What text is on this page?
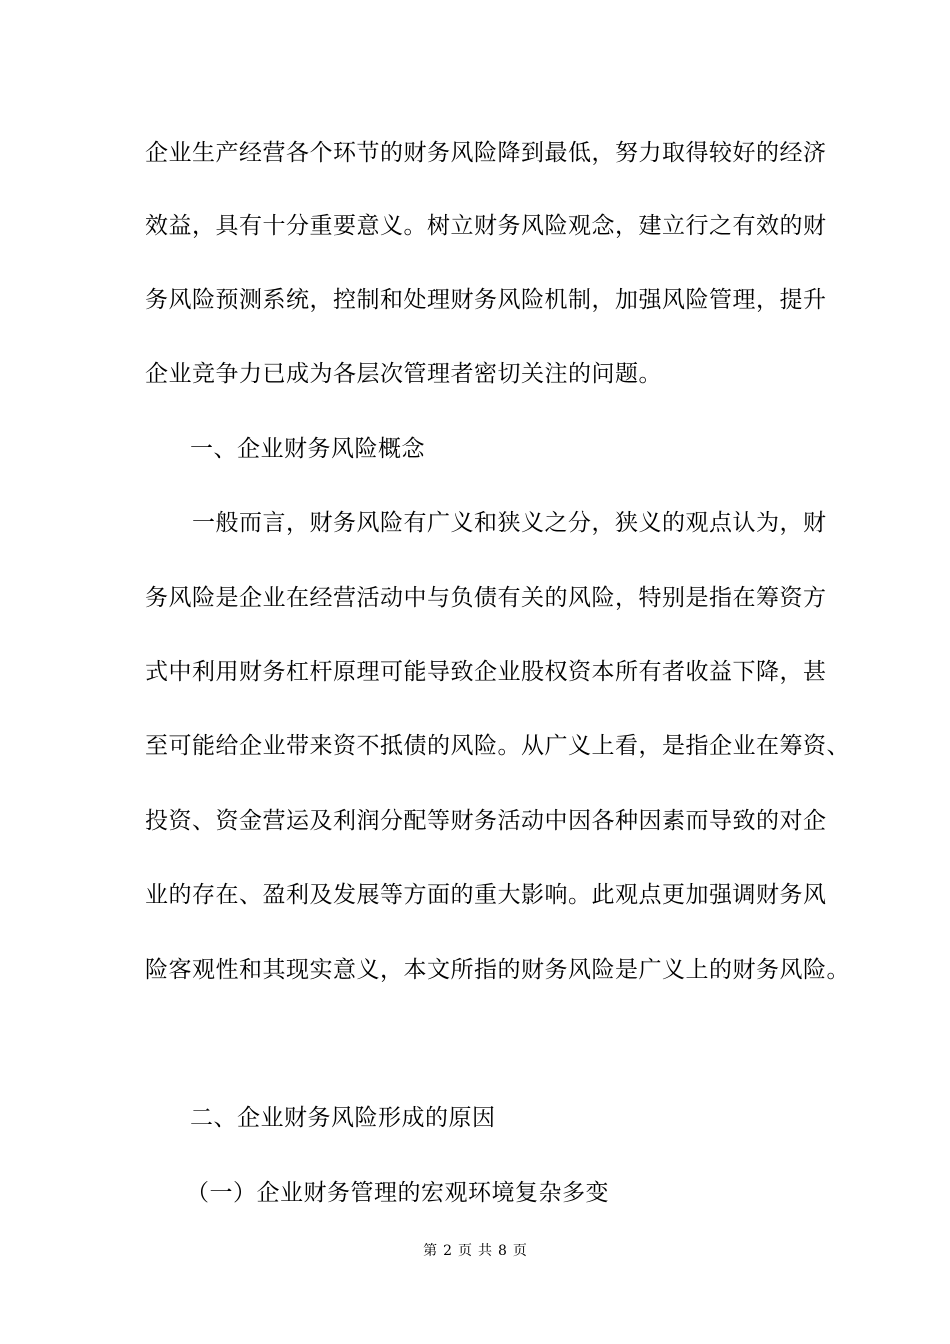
企业生产经营各个环节的财务风险降到最低，努力取得较好的经济
效益，具有十分重要意义。树立财务风险观念，建立行之有效的财
务风险预测系统，控制和处理财务风险机制，加强风险管理，提升
企业竞争力已成为各层次管理者密切关注的问题。
一、企业财务风险概念
一般而言，财务风险有广义和狭义之分，狭义的观点认为，财
务风险是企业在经营活动中与负债有关的风险，特别是指在筹资方
式中利用财务杠杆原理可能导致企业股权资本所有者收益下降，甚
至可能给企业带来资不抵债的风险。从广义上看，是指企业在筹资、
投资、资金营运及利润分配等财务活动中因各种因素而导致的对企
业的存在、盈利及发展等方面的重大影响。此观点更加强调财务风
险客观性和其现实意义，本文所指的财务风险是广义上的财务风险。
二、企业财务风险形成的原因
（一）企业财务管理的宏观环境复杂多变
第 2 页 共 8 页
